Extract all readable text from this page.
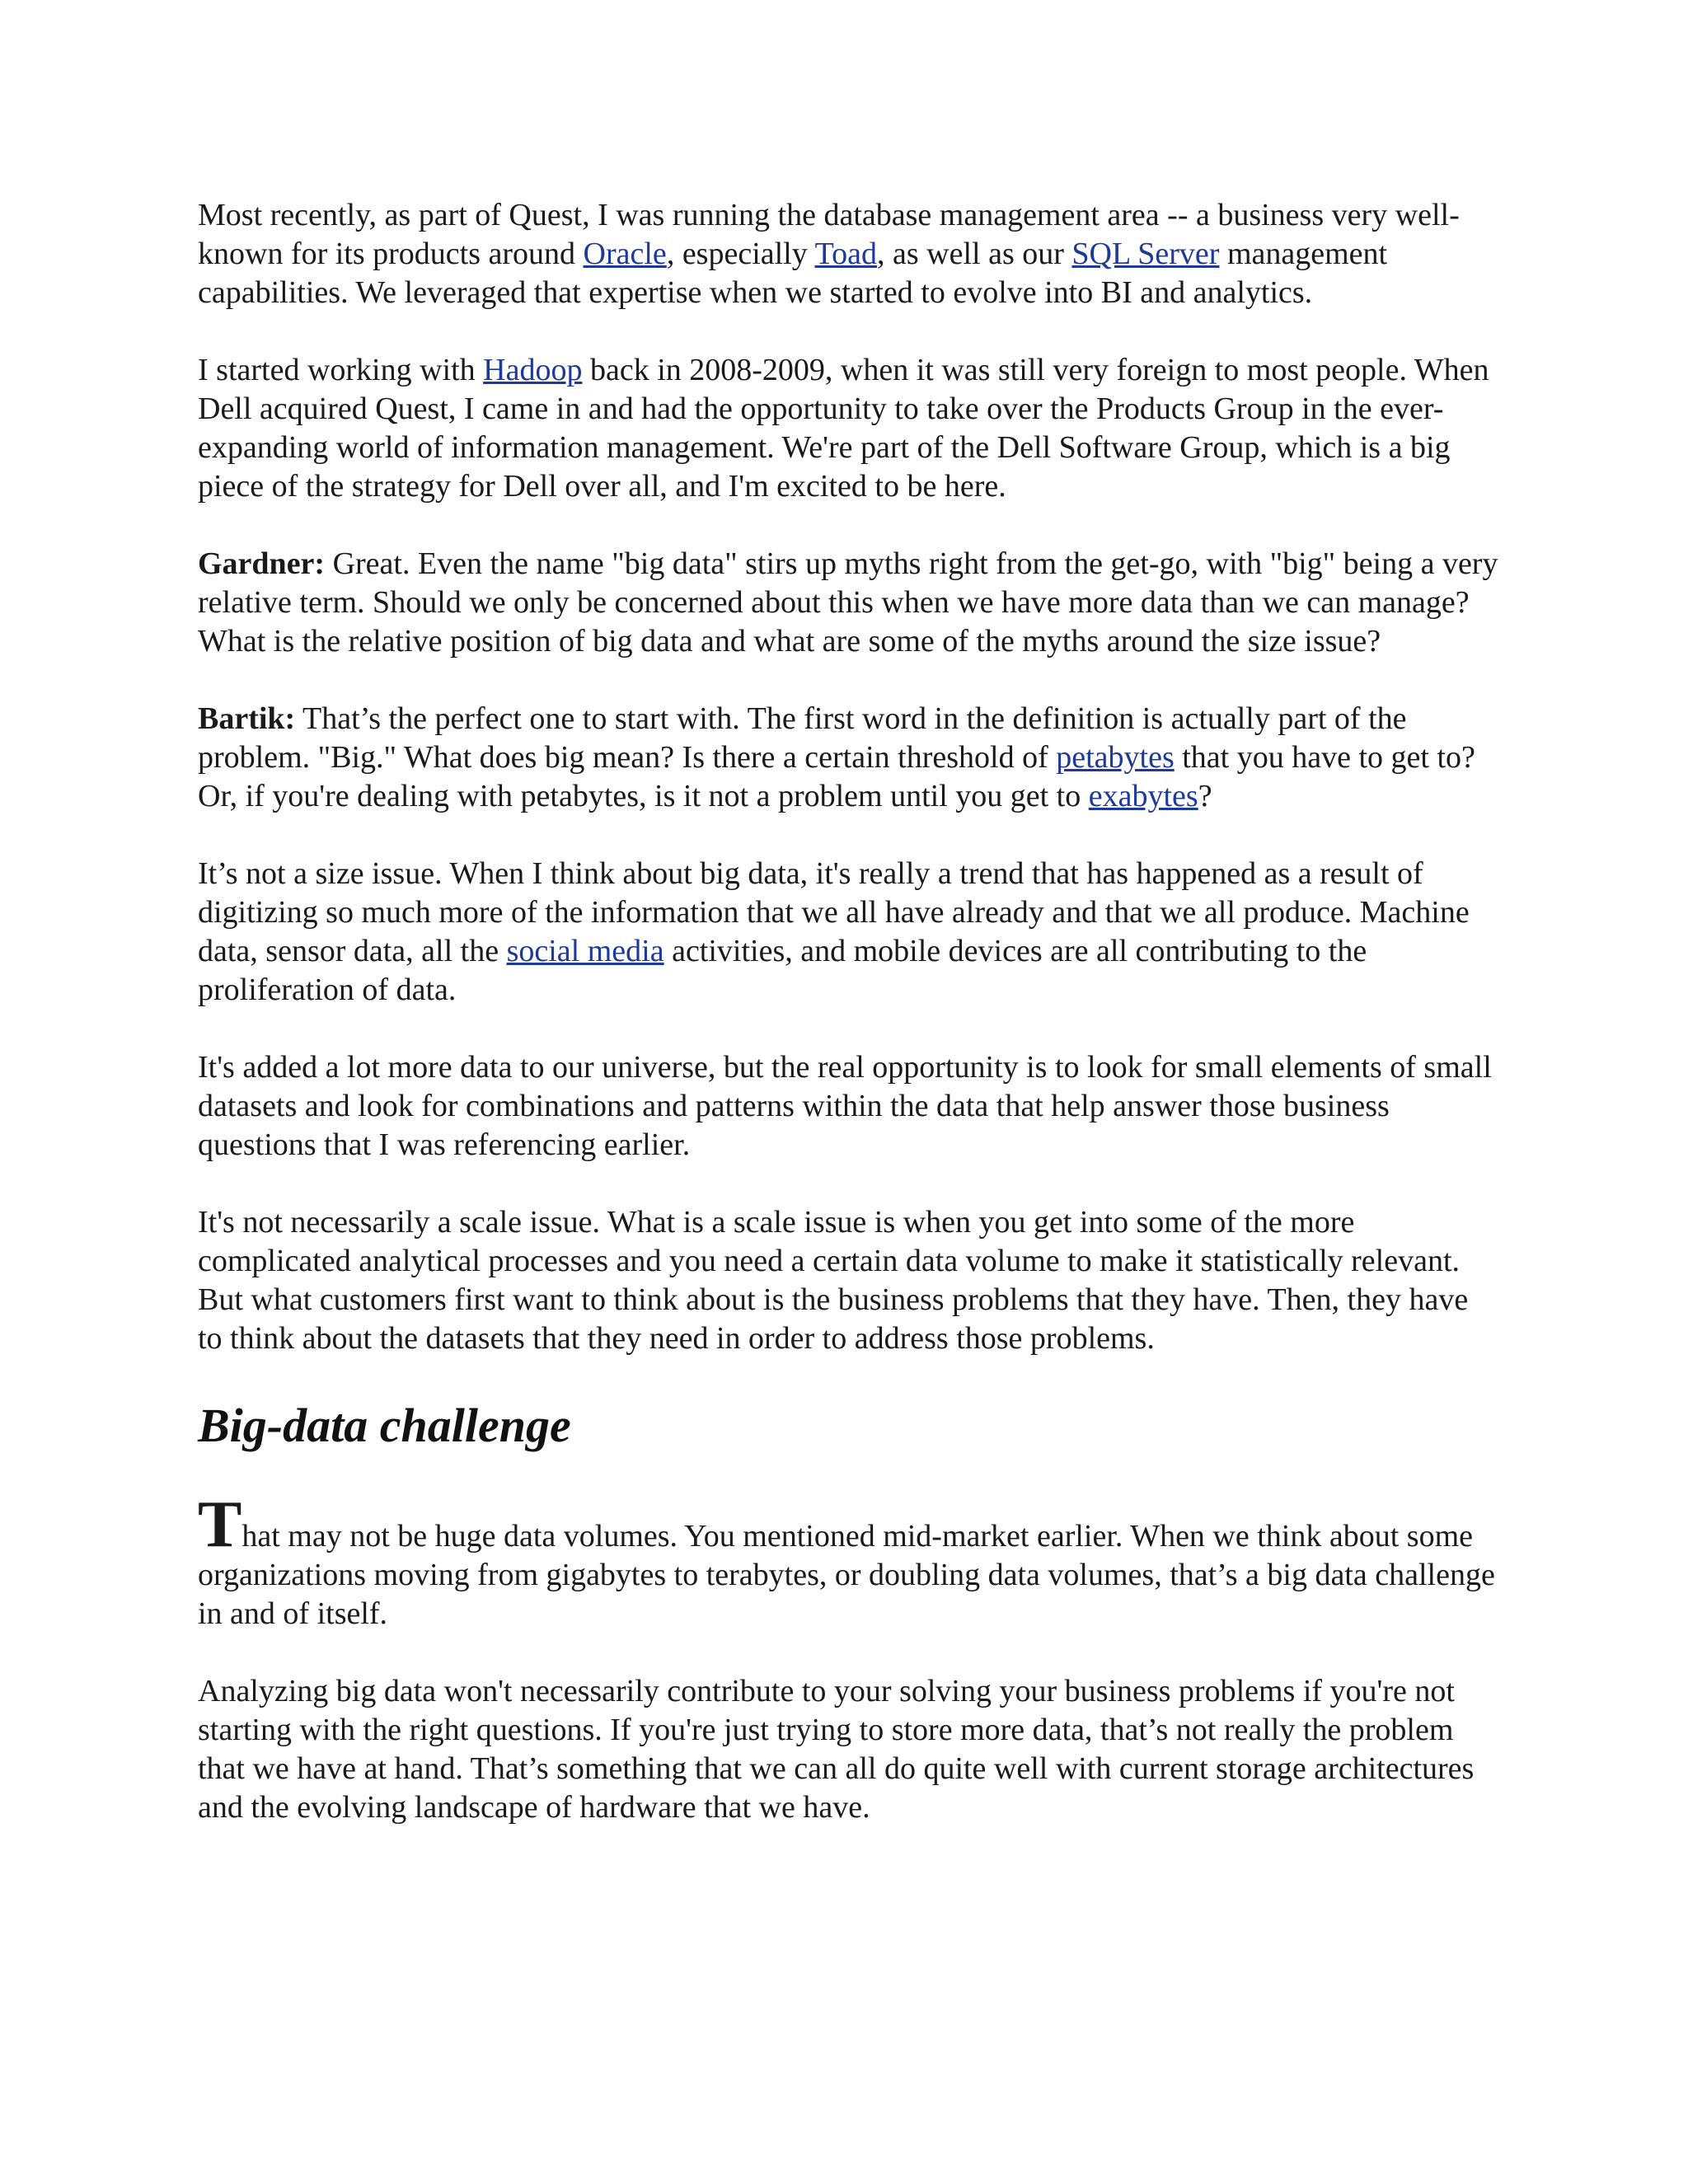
Most recently, as part of Quest, I was running the database management area -- a business very well-known for its products around Oracle, especially Toad, as well as our SQL Server management capabilities. We leveraged that expertise when we started to evolve into BI and analytics.

I started working with Hadoop back in 2008-2009, when it was still very foreign to most people. When Dell acquired Quest, I came in and had the opportunity to take over the Products Group in the ever-expanding world of information management. We're part of the Dell Software Group, which is a big piece of the strategy for Dell over all, and I'm excited to be here.

Gardner: Great. Even the name "big data" stirs up myths right from the get-go, with "big" being a very relative term. Should we only be concerned about this when we have more data than we can manage? What is the relative position of big data and what are some of the myths around the size issue?

Bartik: That’s the perfect one to start with. The first word in the definition is actually part of the problem. "Big." What does big mean? Is there a certain threshold of petabytes that you have to get to? Or, if you're dealing with petabytes, is it not a problem until you get to exabytes?

It’s not a size issue. When I think about big data, it's really a trend that has happened as a result of digitizing so much more of the information that we all have already and that we all produce. Machine data, sensor data, all the social media activities, and mobile devices are all contributing to the proliferation of data.

It's added a lot more data to our universe, but the real opportunity is to look for small elements of small datasets and look for combinations and patterns within the data that help answer those business questions that I was referencing earlier.

It's not necessarily a scale issue. What is a scale issue is when you get into some of the more complicated analytical processes and you need a certain data volume to make it statistically relevant. But what customers first want to think about is the business problems that they have. Then, they have to think about the datasets that they need in order to address those problems.

Big-data challenge

That may not be huge data volumes. You mentioned mid-market earlier. When we think about some organizations moving from gigabytes to terabytes, or doubling data volumes, that’s a big data challenge in and of itself.

Analyzing big data won't necessarily contribute to your solving your business problems if you're not starting with the right questions. If you're just trying to store more data, that’s not really the problem that we have at hand. That’s something that we can all do quite well with current storage architectures and the evolving landscape of hardware that we have.
